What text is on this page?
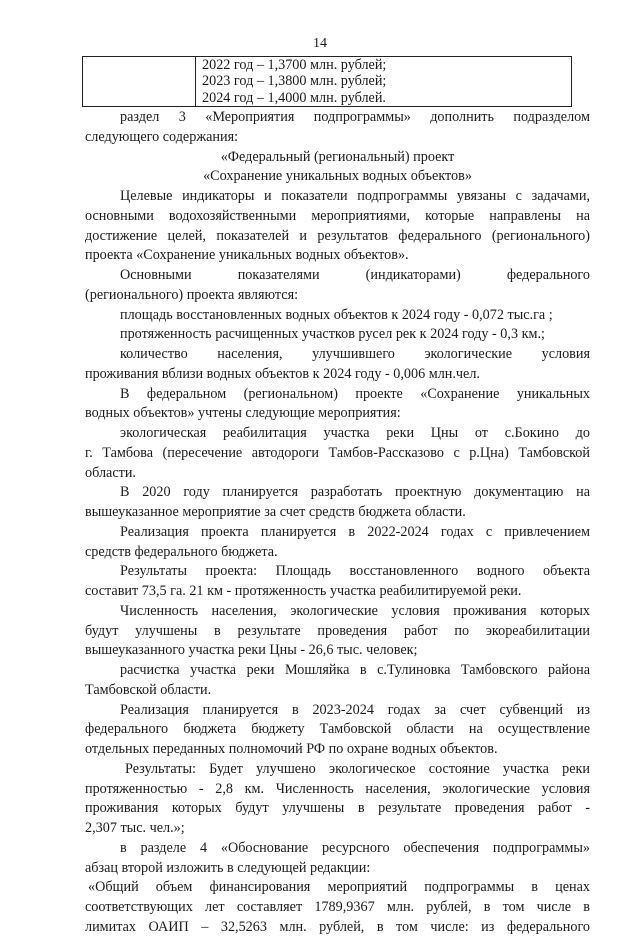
14

2022 год – 1,3700 млн. рублей;
2023 год – 1,3800 млн. рублей;
2024 год – 1,4000 млн. рублей.
раздел 3 «Мероприятия подпрограммы» дополнить подразделом
следующего содержания:
«Федеральный (региональный) проект
«Сохранение уникальных водных объектов»
Целевые индикаторы и показатели подпрограммы увязаны с задачами,
основными водохозяйственными мероприятиями, которые направлены на
достижение целей, показателей и результатов федерального (регионального)
проекта «Сохранение уникальных водных объектов».
Основными показателями (индикаторами) федерального
(регионального) проекта являются:
площадь восстановленных водных объектов к 2024 году - 0,072 тыс.га ;
протяженность расчищенных участков русел рек к 2024 году - 0,3 км.;
количество населения, улучшившего экологические условия
проживания вблизи водных объектов к 2024 году - 0,006 млн.чел.
В федеральном (региональном) проекте «Сохранение уникальных
водных объектов» учтены следующие мероприятия:
экологическая реабилитация участка реки Цны от с.Бокино до
г. Тамбова (пересечение автодороги Тамбов-Рассказово с р.Цна) Тамбовской
области.
В 2020 году планируется разработать проектную документацию на
вышеуказанное мероприятие за счет средств бюджета области.
Реализация проекта планируется в 2022-2024 годах с привлечением
средств федерального бюджета.
Результаты проекта: Площадь восстановленного водного объекта
составит 73,5 га. 21 км - протяженность участка реабилитируемой реки.
Численность населения, экологические условия проживания которых
будут улучшены в результате проведения работ по экореабилитации
вышеуказанного участка реки Цны - 26,6 тыс. человек;
расчистка участка реки Мошляйка в с.Тулиновка Тамбовского района
Тамбовской области.
Реализация планируется в 2023-2024 годах за счет субвенций из
федерального бюджета бюджету Тамбовской области на осуществление
отдельных переданных полномочий РФ по охране водных объектов.
Результаты: Будет улучшено экологическое состояние участка реки
протяженностью - 2,8 км. Численность населения, экологические условия
проживания которых будут улучшены в результате проведения работ -
2,307 тыс. чел.»;
в разделе 4 «Обоснование ресурсного обеспечения подпрограммы»
абзац второй изложить в следующей редакции:
«Общий объем финансирования мероприятий подпрограммы в ценах
соответствующих лет составляет 1789,9367 млн. рублей, в том числе в
лимитах ОАИП – 32,5263 млн. рублей, в том числе: из федерального
